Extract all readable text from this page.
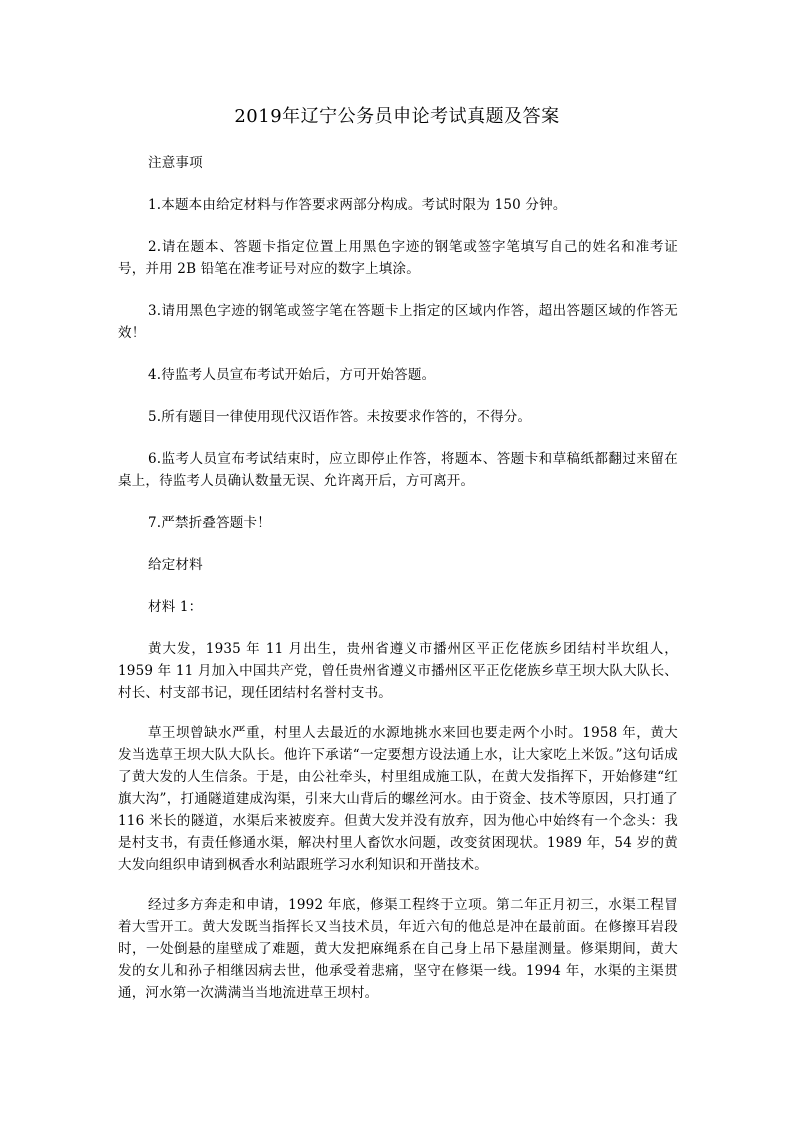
2019年辽宁公务员申论考试真题及答案

注意事项

1.本题本由给定材料与作答要求两部分构成。考试时限为 150 分钟。

2.请在题本、答题卡指定位置上用黑色字迹的钢笔或签字笔填写自己的姓名和准考证号，并用 2B 铅笔在准考证号对应的数字上填涂。

3.请用黑色字迹的钢笔或签字笔在答题卡上指定的区域内作答，超出答题区域的作答无效！

4.待监考人员宣布考试开始后，方可开始答题。

5.所有题目一律使用现代汉语作答。未按要求作答的，不得分。

6.监考人员宣布考试结束时，应立即停止作答，将题本、答题卡和草稿纸都翻过来留在桌上，待监考人员确认数量无误、允许离开后，方可离开。

7.严禁折叠答题卡！

给定材料

材料 1：

黄大发，1935 年 11 月出生，贵州省遵义市播州区平正仡佬族乡团结村半坎组人，1959 年 11 月加入中国共产党，曾任贵州省遵义市播州区平正仡佬族乡草王坝大队大队长、村长、村支部书记，现任团结村名誉村支书。

草王坝曾缺水严重，村里人去最近的水源地挑水来回也要走两个小时。1958 年，黄大发当选草王坝大队大队长。他许下承诺“一定要想方设法通上水，让大家吃上米饭。”这句话成了黄大发的人生信条。于是，由公社牵头，村里组成施工队，在黄大发指挥下，开始修建“红旗大沟”，打通隧道建成沟渠，引来大山背后的螺丝河水。由于资金、技术等原因，只打通了 116 米长的隧道，水渠后来被废弃。但黄大发并没有放弃，因为他心中始终有一个念头：我是村支书，有责任修通水渠，解决村里人畜饮水问题，改变贫困现状。1989 年，54 岁的黄大发向组织申请到枫香水利站跟班学习水利知识和开凿技术。

经过多方奔走和申请，1992 年底，修渠工程终于立项。第二年正月初三，水渠工程冒着大雪开工。黄大发既当指挥长又当技术员，年近六旬的他总是冲在最前面。在修擦耳岩段时，一处倒悬的崖壁成了难题，黄大发把麻绳系在自己身上吊下悬崖测量。修渠期间，黄大发的女儿和孙子相继因病去世，他承受着悲痛，坚守在修渠一线。1994 年，水渠的主渠贯通，河水第一次满满当当地流进草王坝村。
